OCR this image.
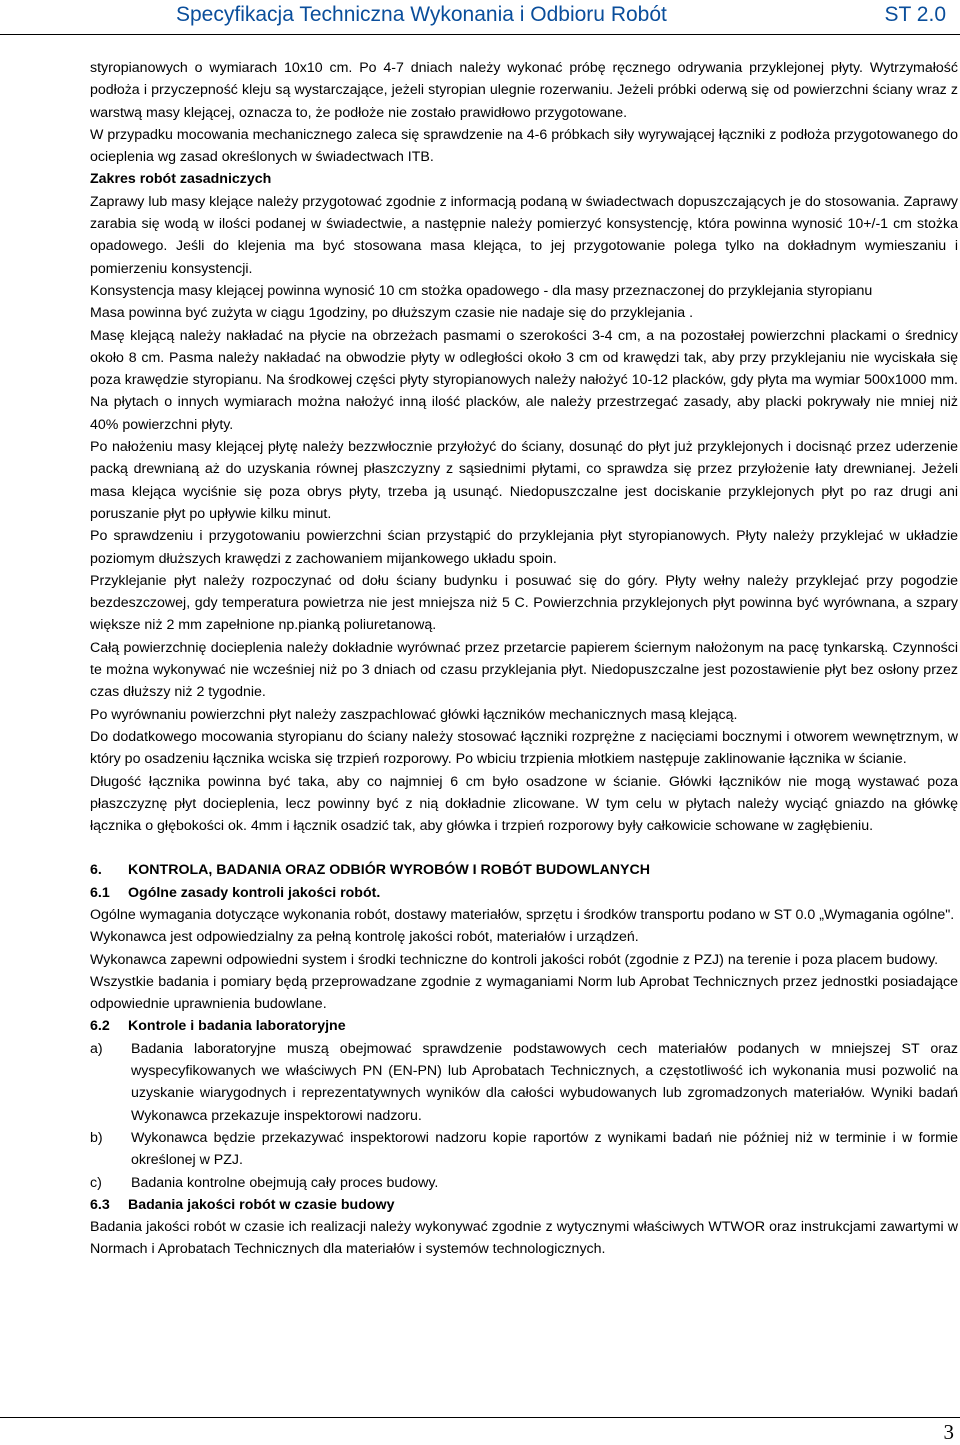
Specyfikacja Techniczna Wykonania i Odbioru Robót	ST 2.0

styropianowych o wymiarach 10x10 cm. Po 4-7 dniach należy wykonać próbę ręcznego odrywania przyklejonej płyty. Wytrzymałość podłoża i przyczepność kleju są wystarczające, jeżeli styropian ulegnie rozerwaniu. Jeżeli próbki oderwą się od powierzchni ściany wraz z warstwą masy klejącej, oznacza to, że podłoże nie zostało prawidłowo przygotowane.

W przypadku mocowania mechanicznego zaleca się sprawdzenie na 4-6 próbkach siły wyrywającej łączniki z podłoża przygotowanego do ocieplenia wg zasad określonych w świadectwach ITB.

Zakres robót zasadniczych

Zaprawy lub masy klejące należy przygotować zgodnie z informacją podaną w świadectwach dopuszczających je do stosowania. Zaprawy zarabia się wodą w ilości podanej w świadectwie, a następnie należy pomierzyć konsystencję, która powinna wynosić 10+/-1 cm stożka opadowego. Jeśli do klejenia ma być stosowana masa klejąca, to jej przygotowanie polega tylko na dokładnym wymieszaniu i pomierzeniu konsystencji.

Konsystencja masy klejącej powinna wynosić 10 cm stożka opadowego - dla masy przeznaczonej do przyklejania styropianu

Masa powinna być zużyta w ciągu 1godziny, po dłuższym czasie nie nadaje się do przyklejania .

Masę klejącą należy nakładać na płycie na obrzeżach pasmami o szerokości 3-4 cm, a na pozostałej powierzchni plackami o średnicy około 8 cm. Pasma należy nakładać na obwodzie płyty w odległości około 3 cm od krawędzi tak, aby przy przyklejaniu nie wyciskała się poza krawędzie styropianu. Na środkowej części płyty styropianowych należy nałożyć 10-12 placków, gdy płyta ma wymiar 500x1000 mm. Na płytach o innych wymiarach można nałożyć inną ilość placków, ale należy przestrzegać zasady, aby placki pokrywały nie mniej niż 40% powierzchni płyty.

Po nałożeniu masy klejącej płytę należy bezzwłocznie przyłożyć do ściany, dosunąć do płyt już przyklejonych i docisnąć przez uderzenie packą drewnianą aż do uzyskania równej płaszczyzny z sąsiednimi płytami, co sprawdza się przez przyłożenie łaty drewnianej. Jeżeli masa klejąca wyciśnie się poza obrys płyty, trzeba ją usunąć. Niedopuszczalne jest dociskanie przyklejonych płyt po raz drugi ani poruszanie płyt po upływie kilku minut.

Po sprawdzeniu i przygotowaniu powierzchni ścian przystąpić do przyklejania płyt styropianowych. Płyty należy przyklejać w układzie poziomym dłuższych krawędzi z zachowaniem mijankowego układu spoin.

Przyklejanie płyt należy rozpoczynać od dołu ściany budynku i posuwać się do góry. Płyty wełny należy przyklejać przy pogodzie bezdeszczowej, gdy temperatura powietrza nie jest mniejsza niż 5 C. Powierzchnia przyklejonych płyt powinna być wyrównana, a szpary większe niż 2 mm zapełnione np.pianką poliuretanową.

Całą powierzchnię docieplenia należy dokładnie wyrównać przez przetarcie papierem ściernym nałożonym na pacę tynkarską. Czynności te można wykonywać nie wcześniej niż po 3 dniach od czasu przyklejania płyt. Niedopuszczalne jest pozostawienie płyt bez osłony przez czas dłuższy niż 2 tygodnie.

Po wyrównaniu powierzchni płyt należy zaszpachlować główki łączników mechanicznych masą klejącą.

Do dodatkowego mocowania styropianu do ściany należy stosować łączniki rozprężne z nacięciami bocznymi i otworem wewnętrznym, w który po osadzeniu łącznika wciska się trzpień rozporowy. Po wbiciu trzpienia młotkiem następuje zaklinowanie łącznika w ścianie.

Długość łącznika powinna być taka, aby co najmniej 6 cm było osadzone w ścianie. Główki łączników nie mogą wystawać poza płaszczyznę płyt docieplenia, lecz powinny być z nią dokładnie zlicowane. W tym celu w płytach należy wyciąć gniazdo na główkę łącznika o głębokości ok. 4mm i łącznik osadzić tak, aby główka i trzpień rozporowy były całkowicie schowane w zagłębieniu.

6. KONTROLA, BADANIA ORAZ ODBIÓR WYROBÓW I ROBÓT BUDOWLANYCH

6.1 Ogólne zasady kontroli jakości robót.

Ogólne wymagania dotyczące wykonania robót, dostawy materiałów, sprzętu i środków transportu podano w ST 0.0 „Wymagania ogólne".

Wykonawca jest odpowiedzialny za pełną kontrolę jakości robót, materiałów i urządzeń.

Wykonawca zapewni odpowiedni system i środki techniczne do kontroli jakości robót (zgodnie z PZJ) na terenie i poza placem budowy.

Wszystkie badania i pomiary będą przeprowadzane zgodnie z wymaganiami Norm lub Aprobat Technicznych przez jednostki posiadające odpowiednie uprawnienia budowlane.

6.2 Kontrole i badania laboratoryjne

a) Badania laboratoryjne muszą obejmować sprawdzenie podstawowych cech materiałów podanych w mniejszej ST oraz wyspecyfikowanych we właściwych PN (EN-PN) lub Aprobatach Technicznych, a częstotliwość ich wykonania musi pozwolić na uzyskanie wiarygodnych i reprezentatywnych wyników dla całości wybudowanych lub zgromadzonych materiałów. Wyniki badań Wykonawca przekazuje inspektorowi nadzoru.
b) Wykonawca będzie przekazywać inspektorowi nadzoru kopie raportów z wynikami badań nie później niż w terminie i w formie określonej w PZJ.
c) Badania kontrolne obejmują cały proces budowy.

6.3 Badania jakości robót w czasie budowy

Badania jakości robót w czasie ich realizacji należy wykonywać zgodnie z wytycznymi właściwych WTWOR oraz instrukcjami zawartymi w Normach i Aprobatach Technicznych dla materiałów i systemów technologicznych.

3
